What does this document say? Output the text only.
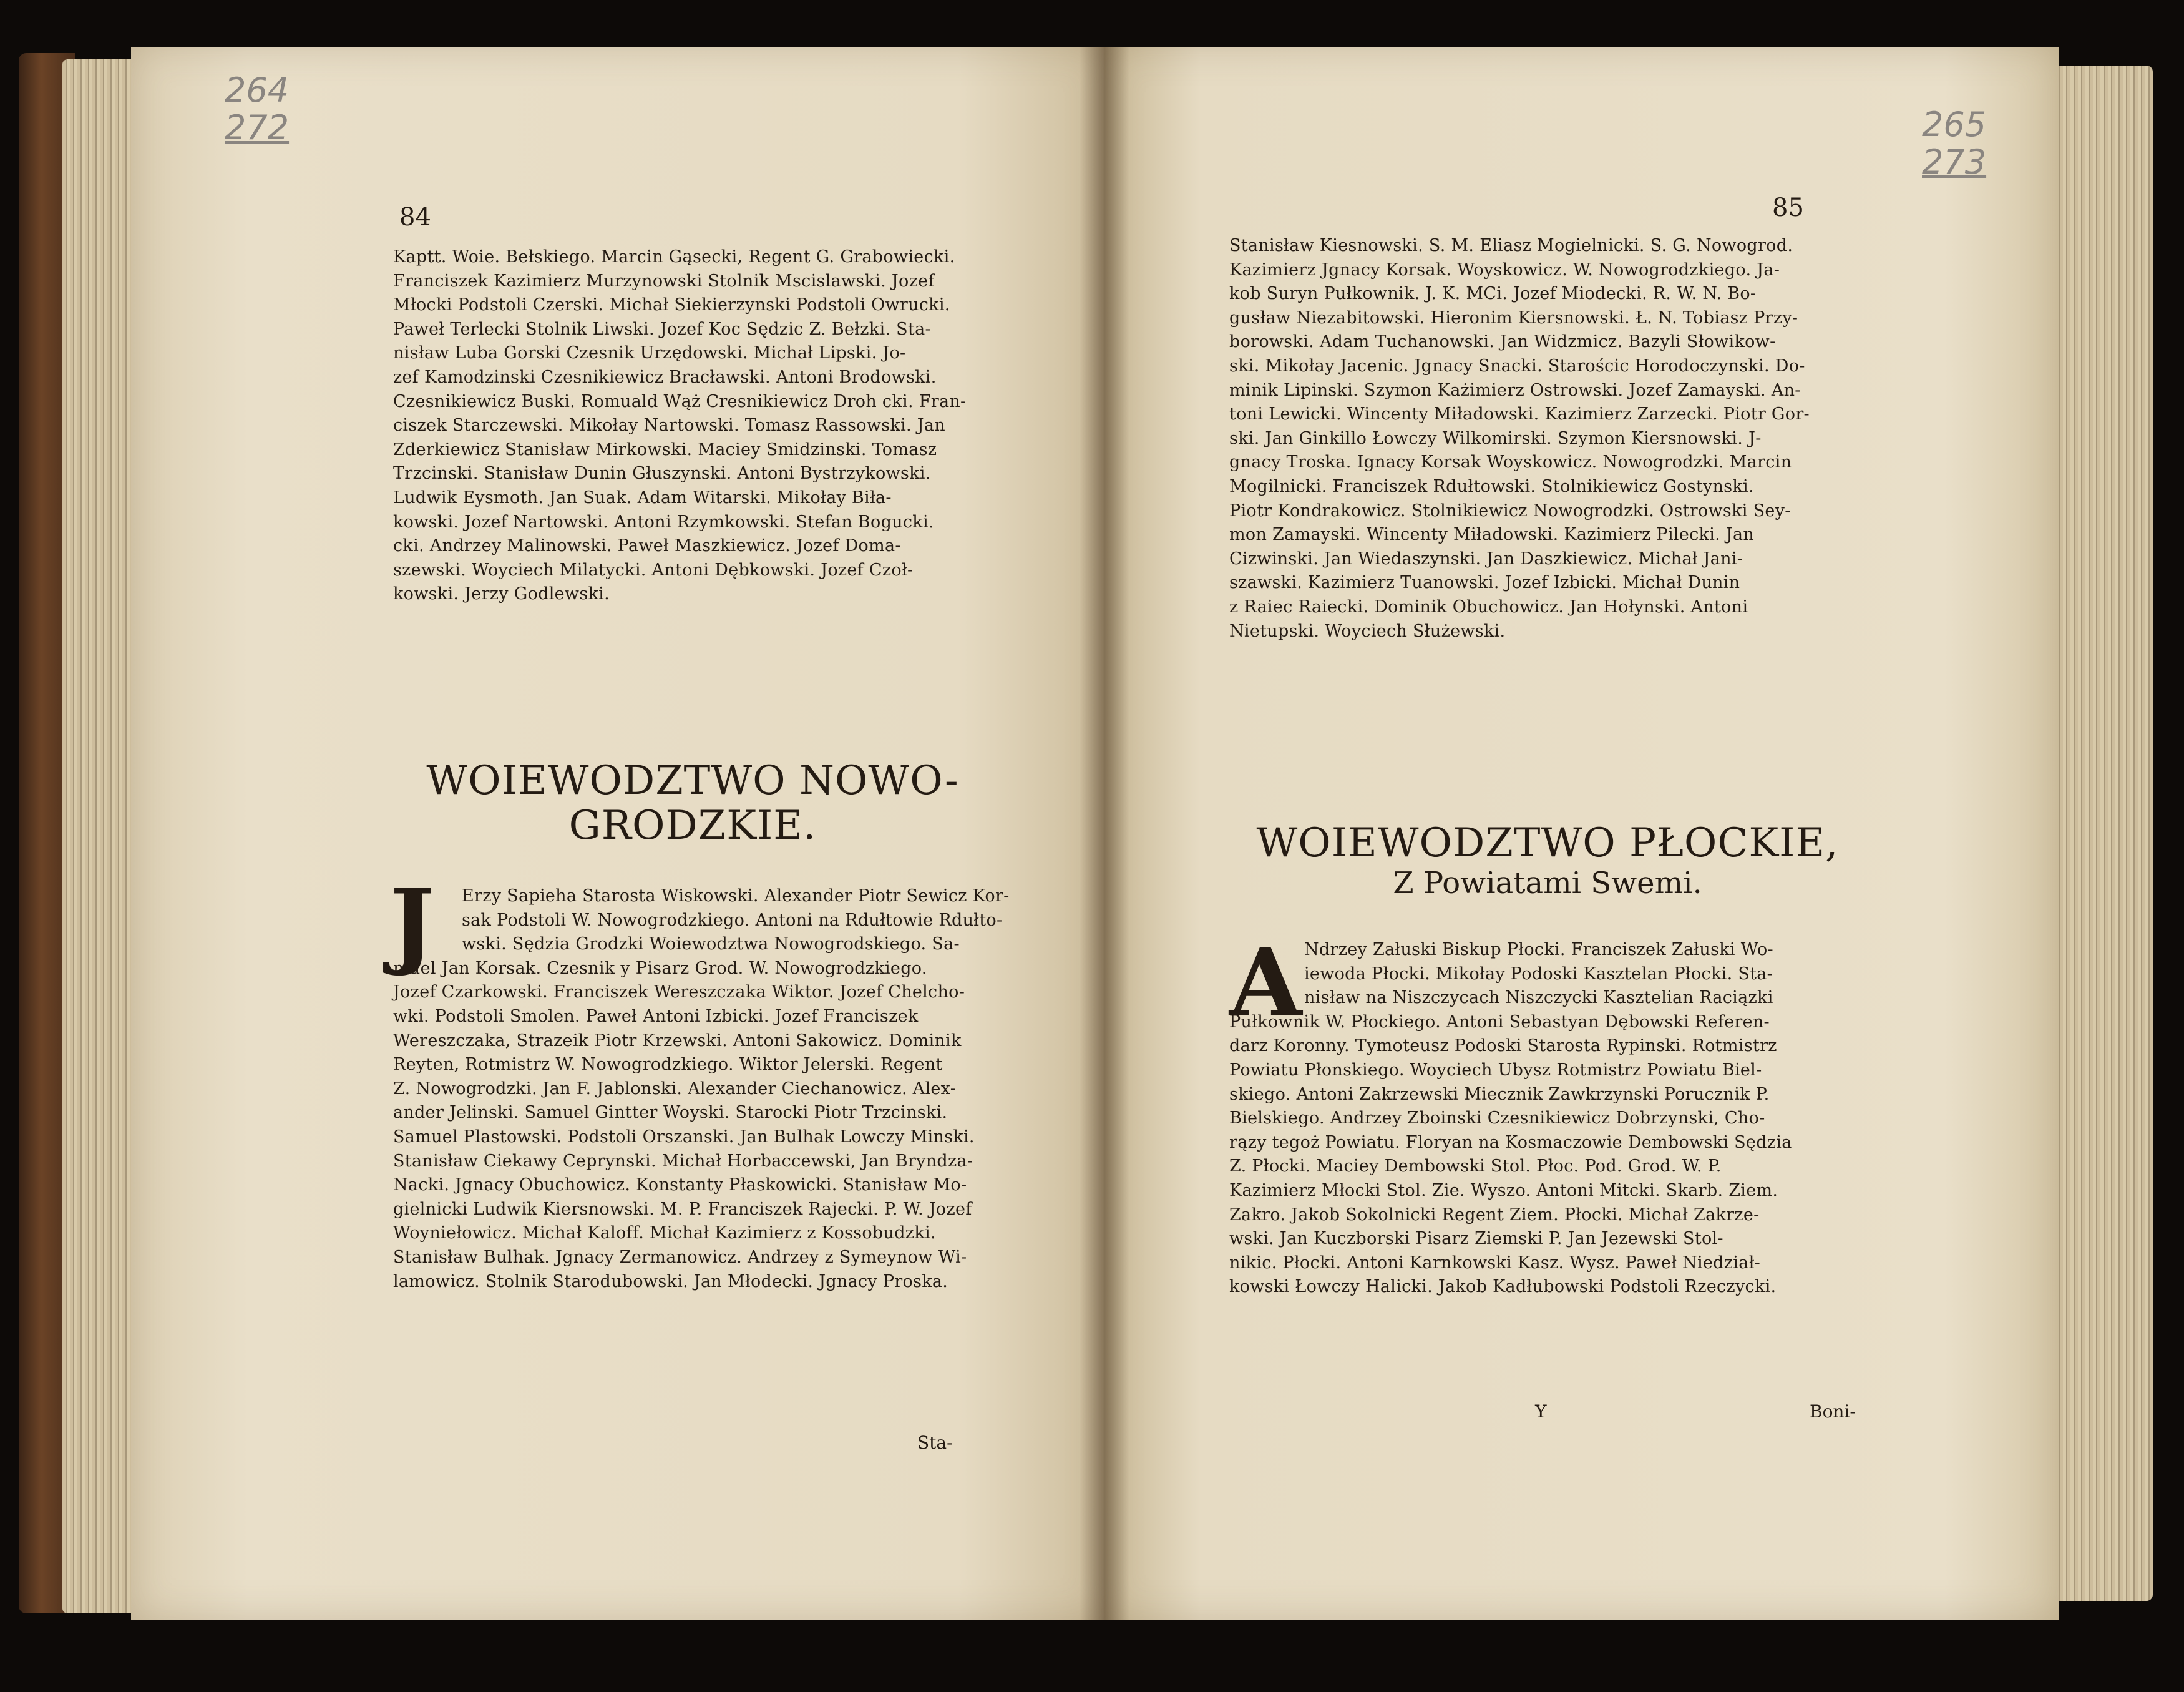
264
272
84
Kaptt. Woie. Bełskiego. Marcin Gąsecki, Regent G. Grabowiecki.
Franciszek Kazimierz Murzynowski Stolnik Mscislawski. Jozef
Młocki Podstoli Czerski. Michał Siekierzynski Podstoli Owrucki.
Paweł Terlecki Stolnik Liwski. Jozef Koc Sędzic Z. Bełzki. Sta-
nisław Luba Gorski Czesnik Urzędowski. Michał Lipski. Jo-
zef Kamodzinski Czesnikiewicz Bracławski. Antoni Brodowski.
Czesnikiewicz Buski. Romuald Wąż Cresnikiewicz Droh cki. Fran-
ciszek Starczewski. Mikołay Nartowski. Tomasz Rassowski. Jan
Zderkiewicz Stanisław Mirkowski. Maciey Smidzinski. Tomasz
Trzcinski. Stanisław Dunin Głuszynski. Antoni Bystrzykowski.
Ludwik Eysmoth. Jan Suak. Adam Witarski. Mikołay Biła-
kowski. Jozef Nartowski. Antoni Rzymkowski. Stefan Bogucki.
cki. Andrzey Malinowski. Paweł Maszkiewicz. Jozef Doma-
szewski. Woyciech Milatycki. Antoni Dębkowski. Jozef Czoł-
kowski. Jerzy Godlewski.
WOIEWODZTWO NOWO-
GRODZKIE.
J	Erzy Sapieha Starosta Wiskowski. Alexander Piotr Sewicz Kor-
sak Podstoli W. Nowogrodzkiego. Antoni na Rdułtowie Rdułto-
wski. Sędzia Grodzki Woiewodztwa Nowogrodskiego. Sa-
muel Jan Korsak. Czesnik y Pisarz Grod. W. Nowogrodzkiego.
Jozef Czarkowski. Franciszek Wereszczaka Wiktor. Jozef Chelcho-
wki. Podstoli Smolen. Paweł Antoni Izbicki. Jozef Franciszek
Wereszczaka, Strazeik Piotr Krzewski. Antoni Sakowicz. Dominik
Reyten, Rotmistrz W. Nowogrodzkiego. Wiktor Jelerski. Regent
Z. Nowogrodzki. Jan F. Jablonski. Alexander Ciechanowicz. Alex-
ander Jelinski. Samuel Gintter Woyski. Starocki Piotr Trzcinski.
Samuel Plastowski. Podstoli Orszanski. Jan Bulhak Lowczy Minski.
Stanisław Ciekawy Ceprynski. Michał Horbaccewski, Jan Bryndza-
Nacki. Jgnacy Obuchowicz. Konstanty Płaskowicki. Stanisław Mo-
gielnicki Ludwik Kiersnowski. M. P. Franciszek Rajecki. P. W. Jozef
Woyniełowicz. Michał Kaloff. Michał Kazimierz z Kossobudzki.
Stanisław Bulhak. Jgnacy Zermanowicz. Andrzey z Symeynow Wi-
lamowicz. Stolnik Starodubowski. Jan Młodecki. Jgnacy Proska.
Sta-
265
273
85
Stanisław Kiesnowski. S. M. Eliasz Mogielnicki. S. G. Nowogrod.
Kazimierz Jgnacy Korsak. Woyskowicz. W. Nowogrodzkiego. Ja-
kob Suryn Pułkownik. J. K. MCi. Jozef Miodecki. R. W. N. Bo-
gusław Niezabitowski. Hieronim Kiersnowski. Ł. N. Tobiasz Przy-
borowski. Adam Tuchanowski. Jan Widzmicz. Bazyli Słowikow-
ski. Mikołay Jacenic. Jgnacy Snacki. Starościc Horodoczynski. Do-
minik Lipinski. Szymon Każimierz Ostrowski. Jozef Zamayski. An-
toni Lewicki. Wincenty Miładowski. Kazimierz Zarzecki. Piotr Gor-
ski. Jan Ginkillo Łowczy Wilkomirski. Szymon Kiersnowski. J-
gnacy Troska. Ignacy Korsak Woyskowicz. Nowogrodzki. Marcin
Mogilnicki. Franciszek Rdułtowski. Stolnikiewicz Gostynski.
Piotr Kondrakowicz. Stolnikiewicz Nowogrodzki. Ostrowski Sey-
mon Zamayski. Wincenty Miładowski. Kazimierz Pilecki. Jan
Cizwinski. Jan Wiedaszynski. Jan Daszkiewicz. Michał Jani-
szawski. Kazimierz Tuanowski. Jozef Izbicki. Michał Dunin
z Raiec Raiecki. Dominik Obuchowicz. Jan Hołynski. Antoni
Nietupski. Woyciech Służewski.
WOIEWODZTWO PŁOCKIE,
Z Powiatami Swemi.
A Ndrzey Załuski Biskup Płocki. Franciszek Załuski Wo-
iewoda Płocki. Mikołay Podoski Kasztelan Płocki. Sta-
nisław na Niszczycach Niszczycki Kasztelian Raciązki
Pułkownik W. Płockiego. Antoni Sebastyan Dębowski Referen-
darz Koronny. Tymoteusz Podoski Starosta Rypinski. Rotmistrz
Powiatu Płonskiego. Woyciech Ubysz Rotmistrz Powiatu Biel-
skiego. Antoni Zakrzewski Miecznik Zawkrzynski Porucznik P.
Bielskiego. Andrzey Zboinski Czesnikiewicz Dobrzynski, Cho-
rązy tegoż Powiatu. Floryan na Kosmaczowie Dembowski Sędzia
Z. Płocki. Maciey Dembowski Stol. Płoc. Pod. Grod. W. P.
Kazimierz Młocki Stol. Zie. Wyszo. Antoni Mitcki. Skarb. Ziem.
Zakro. Jakob Sokolnicki Regent Ziem. Płocki. Michał Zakrze-
wski. Jan Kuczborski Pisarz Ziemski P. Jan Jezewski Stol-
nikic. Płocki. Antoni Karnkowski Kasz. Wysz. Paweł Niedział-
kowski Łowczy Halicki. Jakob Kadłubowski Podstoli Rzeczycki.
Y	Boni-
